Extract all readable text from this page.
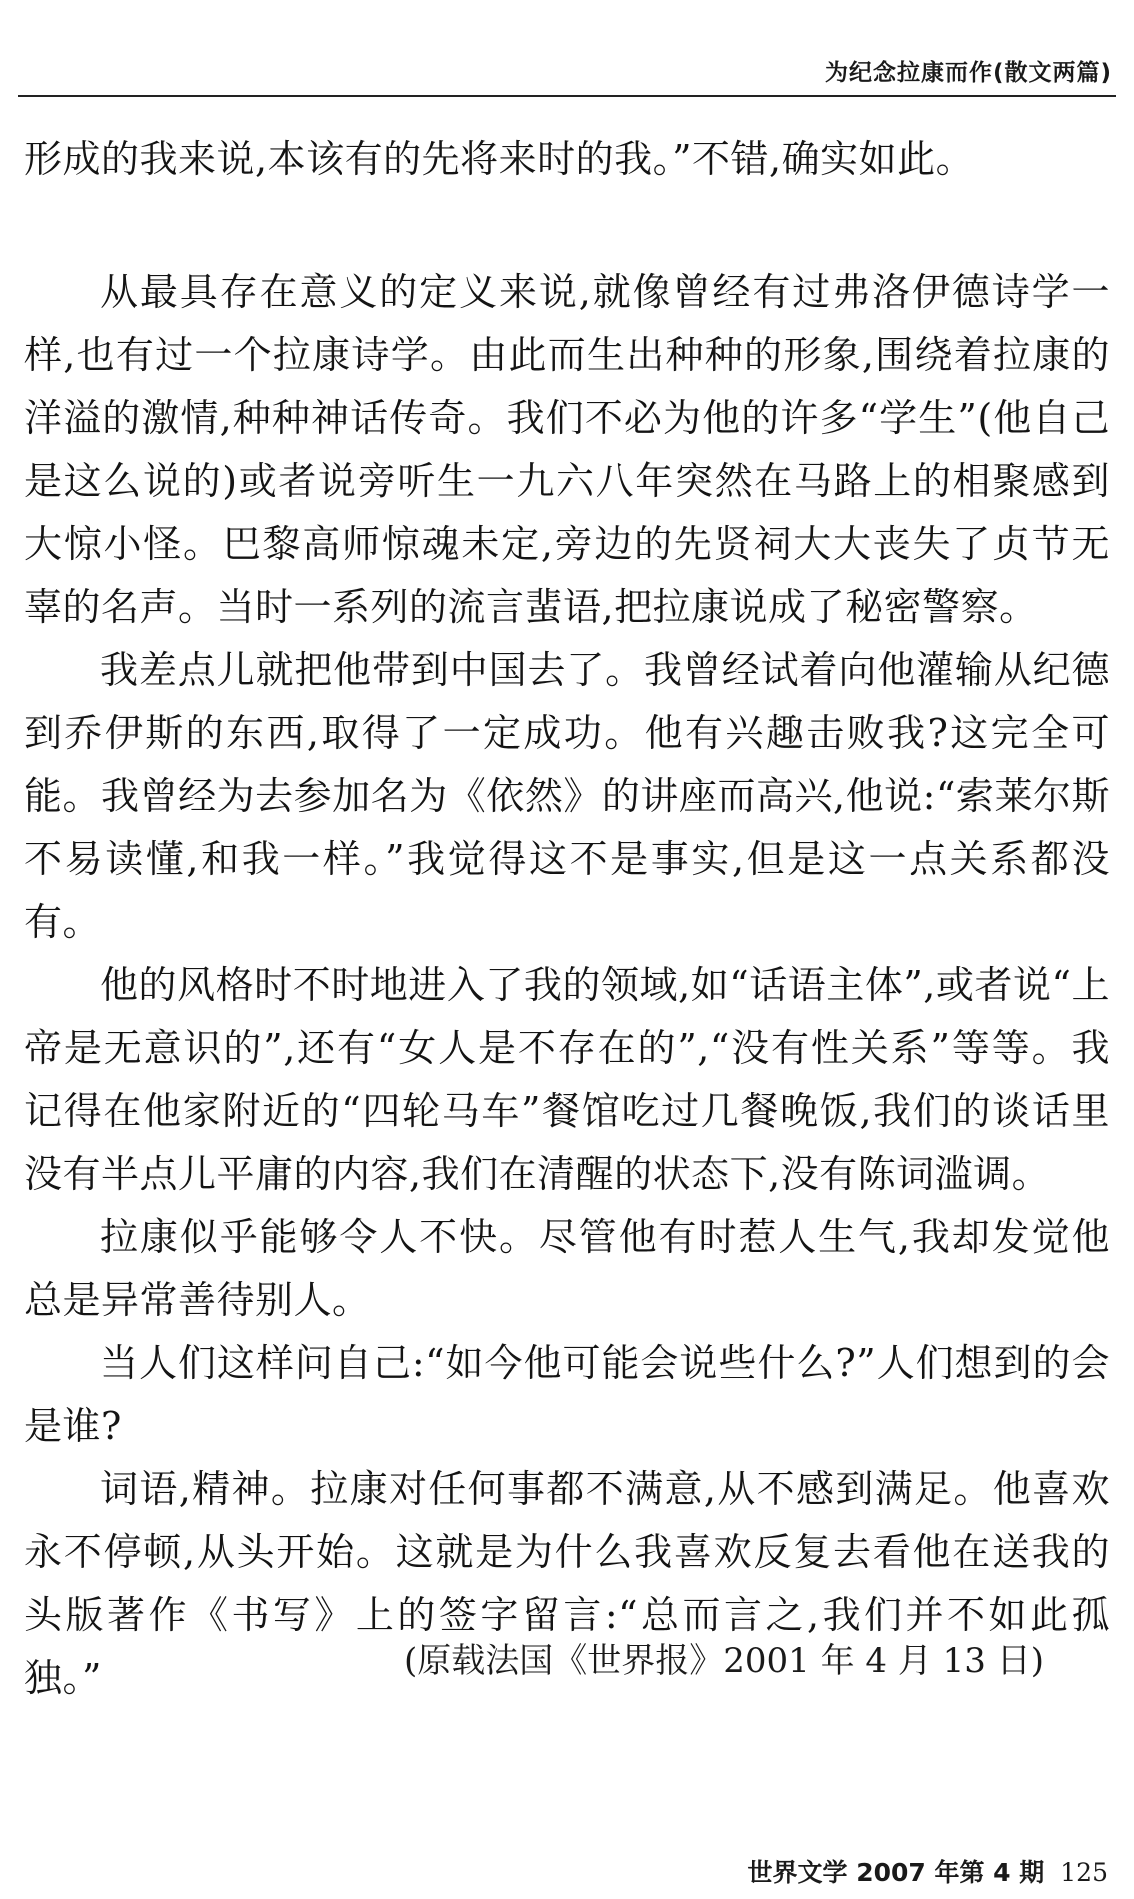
为纪念拉康而作(散文两篇)

形成的我来说,本该有的先将来时的我。”不错,确实如此。

从最具存在意义的定义来说,就像曾经有过弗洛伊德诗学一样,也有过一个拉康诗学。由此而生出种种的形象,围绕着拉康的洋溢的激情,种种神话传奇。我们不必为他的许多“学生”(他自己是这么说的)或者说旁听生一九六八年突然在马路上的相聚感到大惊小怪。巴黎高师惊魂未定,旁边的先贤祠大大丧失了贞节无辜的名声。当时一系列的流言蜚语,把拉康说成了秘密警察。

我差点儿就把他带到中国去了。我曾经试着向他灌输从纪德到乔伊斯的东西,取得了一定成功。他有兴趣击败我?这完全可能。我曾经为去参加名为《依然》的讲座而高兴,他说:“索莱尔斯不易读懂,和我一样。”我觉得这不是事实,但是这一点关系都没有。

他的风格时不时地进入了我的领域,如“话语主体”,或者说“上帝是无意识的”,还有“女人是不存在的”,“没有性关系”等等。我记得在他家附近的“四轮马车”餐馆吃过几餐晚饭,我们的谈话里没有半点儿平庸的内容,我们在清醒的状态下,没有陈词滥调。

拉康似乎能够令人不快。尽管他有时惹人生气,我却发觉他总是异常善待别人。

当人们这样问自己:“如今他可能会说些什么?”人们想到的会是谁?

词语,精神。拉康对任何事都不满意,从不感到满足。他喜欢永不停顿,从头开始。这就是为什么我喜欢反复去看他在送我的头版著作《书写》上的签字留言:“总而言之,我们并不如此孤独。”	(原载法国《世界报》2001 年 4 月 13 日)
世界文学 2007 年第 4 期 125
